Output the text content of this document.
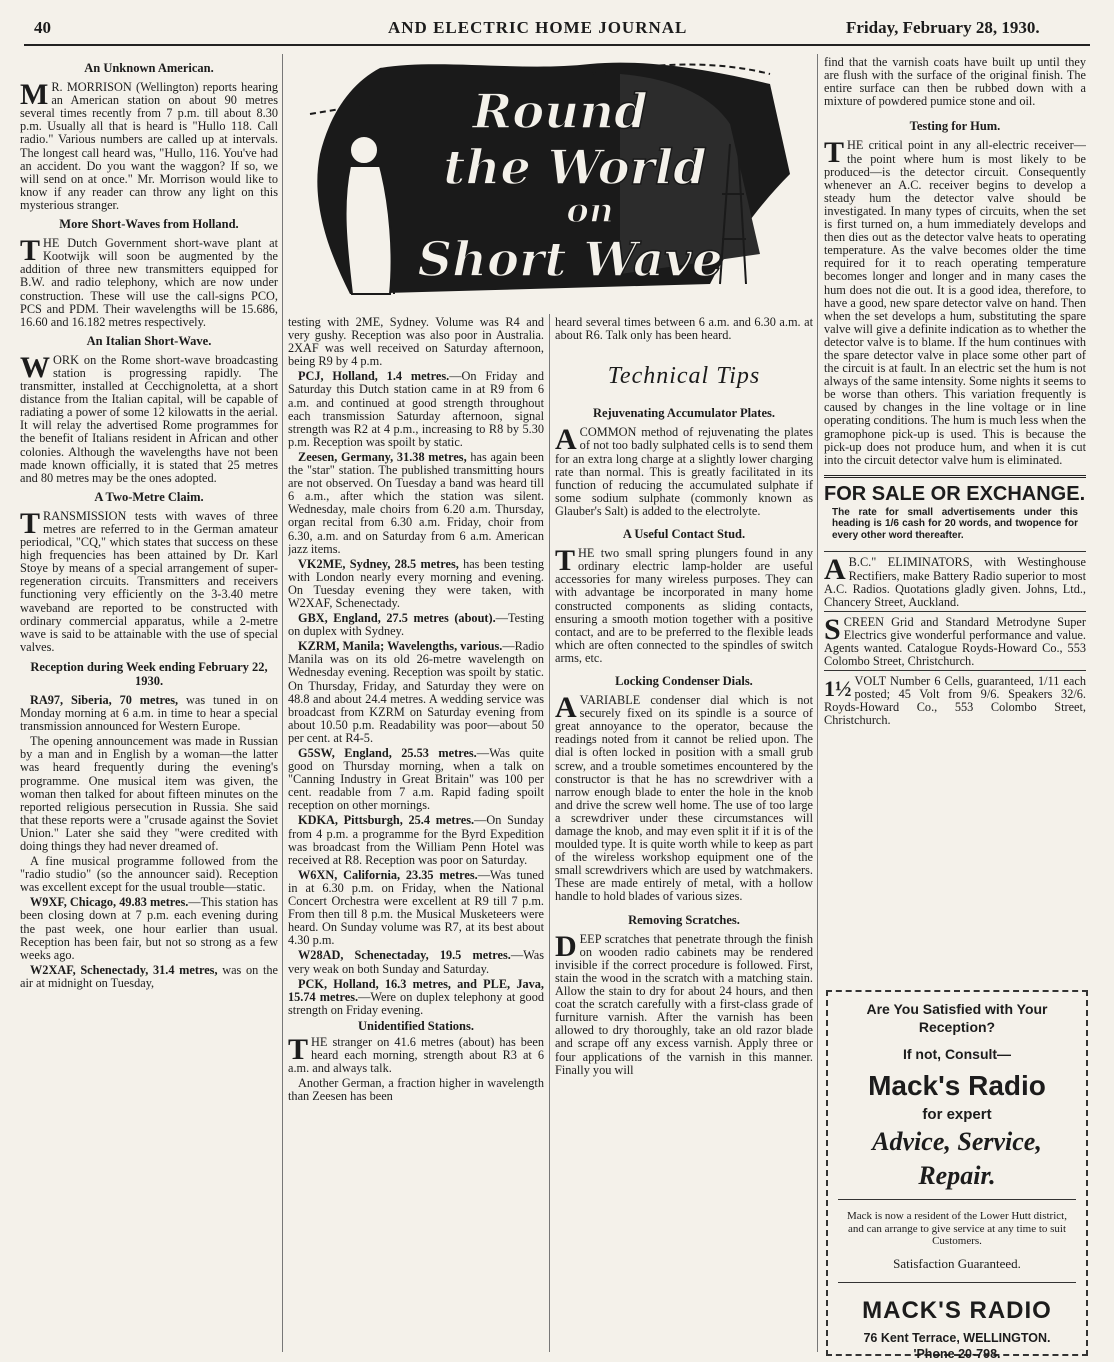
40	AND ELECTRIC HOME JOURNAL	Friday, February 28, 1930.
An Unknown American.

M R. MORRISON (Wellington) reports hearing an American station on about 90 metres several times recently from 7 p.m. till about 8.30 p.m. Usually all that is heard is "Hullo 118. Call radio." Various numbers are called up at intervals. The longest call heard was, "Hullo, 116. You've had an accident. Do you want the waggon? If so, we will send on at once." Mr. Morrison would like to know if any reader can throw any light on this mysterious stranger.

More Short-Waves from Holland.

THE Dutch Government short-wave plant at Kootwijk will soon be augmented by the addition of three new transmitters equipped for B.W. and radio telephony, which are now under construction. These will use the call-signs PCO, PCS and PDM. Their wavelengths will be 15.686, 16.60 and 16.182 metres respectively.

An Italian Short-Wave.

WORK on the Rome short-wave broadcasting station is progressing rapidly. The transmitter, installed at Cecchignoletta, at a short distance from the Italian capital, will be capable of radiating a power of some 12 kilowatts in the aerial. It will relay the advertised Rome programmes for the benefit of Italians resident in African and other colonies. Although the wavelengths have not been made known officially, it is stated that 25 metres and 80 metres may be the ones adopted.

A Two-Metre Claim.

TRANSMISSION tests with waves of three metres are referred to in the German amateur periodical, "CQ," which states that success on these high frequencies has been attained by Dr. Karl Stoye by means of a special arrangement of super-regeneration circuits. Transmitters and receivers functioning very efficiently on the 3-3.40 metre waveband are reported to be constructed with ordinary commercial apparatus, while a 2-metre wave is said to be attainable with the use of special valves.

Reception during Week ending February 22, 1930.

RA97, Siberia, 70 metres, was tuned in on Monday morning at 6 a.m. in time to hear a special transmission announced for Western Europe.

The opening announcement was made in Russian by a man and in English by a woman—the latter was heard frequently during the evening's programme. One musical item was given, the woman then talked for about fifteen minutes on the reported religious persecution in Russia. She said that these reports were a "crusade against the Soviet Union." Later she said they "were credited with doing things they had never dreamed of.

A fine musical programme followed from the "radio studio" (so the announcer said). Reception was excellent except for the usual trouble—static.

W9XF, Chicago, 49.83 metres.—This station has been closing down at 7 p.m. each evening during the past week, one hour earlier than usual. Reception has been fair, but not so strong as a few weeks ago.

W2XAF, Schenectady, 31.4 metres, was on the air at midnight on Tuesday,

Round
the World
on
Short Wave

testing with 2ME, Sydney. Volume was R4 and very gushy. Reception was also poor in Australia. 2XAF was well received on Saturday afternoon, being R9 by 4 p.m.

PCJ, Holland, 1.4 metres.—On Friday and Saturday this Dutch station came in at R9 from 6 a.m. and continued at good strength throughout each transmission Saturday afternoon, signal strength was R2 at 4 p.m., increasing to R8 by 5.30 p.m. Reception was spoilt by static.

Zeesen, Germany, 31.38 metres, has again been the "star" station. The published transmitting hours are not observed. On Tuesday a band was heard till 6 a.m., after which the station was silent. Wednesday, male choirs from 6.20 a.m. Thursday, organ recital from 6.30 a.m. Friday, choir from 6.30, a.m. and on Saturday from 6 a.m. American jazz items.

VK2ME, Sydney, 28.5 metres, has been testing with London nearly every morning and evening. On Tuesday evening they were taken, with W2XAF, Schenectady.

GBX, England, 27.5 metres (about).—Testing on duplex with Sydney.

KZRM, Manila; Wavelengths, various.—Radio Manila was on its old 26-metre wavelength on Wednesday evening. Reception was spoilt by static. On Thursday, Friday, and Saturday they were on 48.8 and about 24.4 metres. A wedding service was broadcast from KZRM on Saturday evening from about 10.50 p.m. Readability was poor—about 50 per cent. at R4-5.

G5SW, England, 25.53 metres.—Was quite good on Thursday morning, when a talk on "Canning Industry in Great Britain" was 100 per cent. readable from 7 a.m. Rapid fading spoilt reception on other mornings.

KDKA, Pittsburgh, 25.4 metres.—On Sunday from 4 p.m. a programme for the Byrd Expedition was broadcast from the William Penn Hotel was received at R8. Reception was poor on Saturday.

W6XN, California, 23.35 metres.—Was tuned in at 6.30 p.m. on Friday, when the National Concert Orchestra were excellent at R9 till 7 p.m. From then till 8 p.m. the Musical Musketeers were heard. On Sunday volume was R7, at its best about 4.30 p.m.

W28AD, Schenectaday, 19.5 metres.—Was very weak on both Sunday and Saturday.

PCK, Holland, 16.3 metres, and PLE, Java, 15.74 metres.—Were on duplex telephony at good strength on Friday evening.

Unidentified Stations.

THE stranger on 41.6 metres (about) has been heard each morning, strength about R3 at 6 a.m. and always talk.

Another German, a fraction higher in wavelength than Zeesen has been

heard several times between 6 a.m. and 6.30 a.m. at about R6. Talk only has been heard.

Technical Tips
Rejuvenating Accumulator Plates.

ACOMMON method of rejuvenating the plates of not too badly sulphated cells is to send them for an extra long charge at a slightly lower charging rate than normal. This is greatly facilitated in its function of reducing the accumulated sulphate if some sodium sulphate (commonly known as Glauber's Salt) is added to the electrolyte.

A Useful Contact Stud.

THE two small spring plungers found in any ordinary electric lamp-holder are useful accessories for many wireless purposes. They can with advantage be incorporated in many home constructed components as sliding contacts, ensuring a smooth motion together with a positive contact, and are to be preferred to the flexible leads which are often connected to the spindles of switch arms, etc.

Locking Condenser Dials.

AVARIABLE condenser dial which is not securely fixed on its spindle is a source of great annoyance to the operator, because the readings noted from it cannot be relied upon. The dial is often locked in position with a small grub screw, and a trouble sometimes encountered by the constructor is that he has no screwdriver with a narrow enough blade to enter the hole in the knob and drive the screw well home. The use of too large a screwdriver under these circumstances will damage the knob, and may even split it if it is of the moulded type. It is quite worth while to keep as part of the wireless workshop equipment one of the small screwdrivers which are used by watchmakers. These are made entirely of metal, with a hollow handle to hold blades of various sizes.

Removing Scratches.

DEEP scratches that penetrate through the finish on wooden radio cabinets may be rendered invisible if the correct procedure is followed. First, stain the wood in the scratch with a matching stain. Allow the stain to dry for about 24 hours, and then coat the scratch carefully with a first-class grade of furniture varnish. After the varnish has been allowed to dry thoroughly, take an old razor blade and scrape off any excess varnish. Apply three or four applications of the varnish in this manner. Finally you will

find that the varnish coats have built up until they are flush with the surface of the original finish. The entire surface can then be rubbed down with a mixture of powdered pumice stone and oil.

Testing for Hum.

THE critical point in any all-electric receiver—the point where hum is most likely to be produced—is the detector circuit. Consequently whenever an A.C. receiver begins to develop a steady hum the detector valve should be investigated. In many types of circuits, when the set is first turned on, a hum immediately develops and then dies out as the detector valve heats to operating temperature. As the valve becomes older the time required for it to reach operating temperature becomes longer and longer and in many cases the hum does not die out. It is a good idea, therefore, to have a good, new spare detector valve on hand. Then when the set develops a hum, substituting the spare valve will give a definite indication as to whether the detector valve is to blame. If the hum continues with the spare detector valve in place some other part of the circuit is at fault. In an electric set the hum is not always of the same intensity. Some nights it seems to be worse than others. This variation frequently is caused by changes in the line voltage or in line operating conditions. The hum is much less when the gramophone pick-up is used. This is because the pick-up does not produce hum, and when it is cut into the circuit detector valve hum is eliminated.

FOR SALE OR EXCHANGE.
The rate for small advertisements under this heading is 1/6 cash for 20 words, and twopence for every other word thereafter.

A B.C." ELIMINATORS, with Westinghouse Rectifiers, make Battery Radio superior to most A.C. Radios. Quotations gladly given. Johns, Ltd., Chancery Street, Auckland.

SCREEN Grid and Standard Metrodyne Super Electrics give wonderful performance and value. Agents wanted. Catalogue Royds-Howard Co., 553 Colombo Street, Christchurch.

1½ VOLT Number 6 Cells, guaranteed, 1/11 each posted; 45 Volt from 9/6. Speakers 32/6. Royds-Howard Co., 553 Colombo Street, Christchurch.

Are You Satisfied with Your Reception?
If not, Consult—
Mack's Radio
for expert
Advice, Service,
Repair.
Mack is now a resident of the Lower Hutt district, and can arrange to give service at any time to suit Customers.
Satisfaction Guaranteed.
MACK'S RADIO
76 Kent Terrace, WELLINGTON.
'Phone 20-798.
